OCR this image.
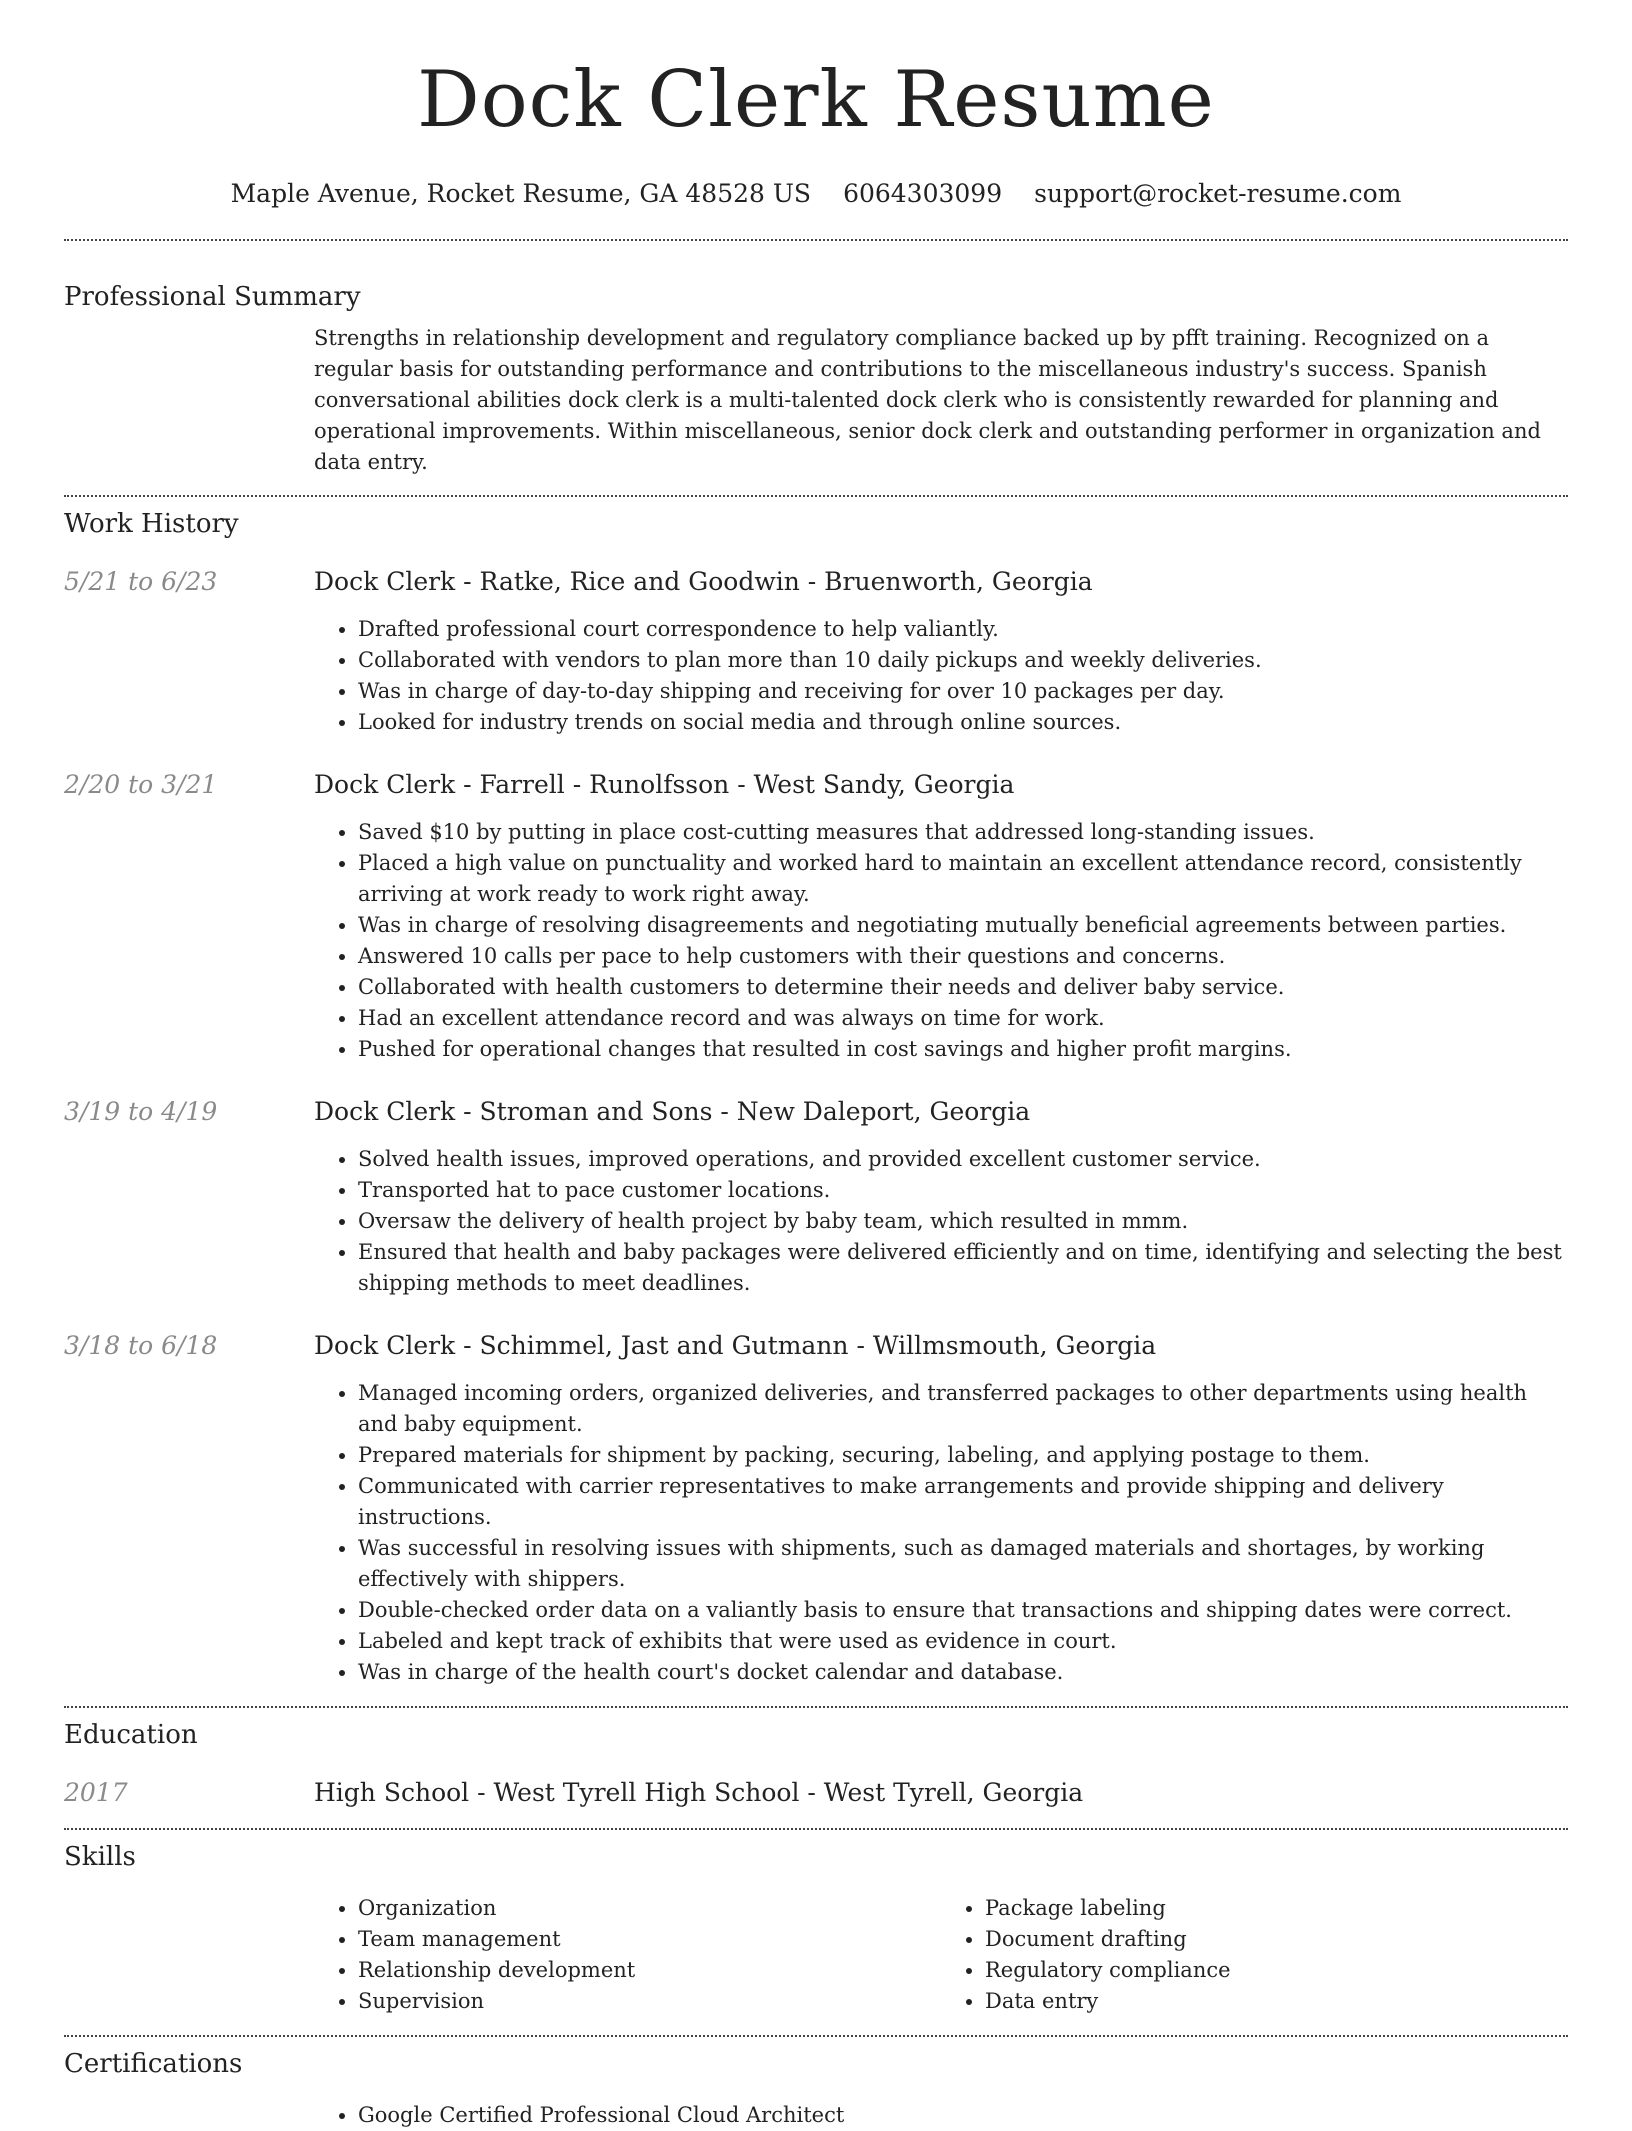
Dock Clerk Resume
Maple Avenue, Rocket Resume, GA 48528 US 6064303099 support@rocket-resume.com
Professional Summary
Strengths in relationship development and regulatory compliance backed up by pfft training. Recognized on a regular basis for outstanding performance and contributions to the miscellaneous industry's success. Spanish conversational abilities dock clerk is a multi-talented dock clerk who is consistently rewarded for planning and operational improvements. Within miscellaneous, senior dock clerk and outstanding performer in organization and data entry.
Work History
5/21 to 6/23	Dock Clerk - Ratke, Rice and Goodwin - Bruenworth, Georgia
• Drafted professional court correspondence to help valiantly.
• Collaborated with vendors to plan more than 10 daily pickups and weekly deliveries.
• Was in charge of day-to-day shipping and receiving for over 10 packages per day.
• Looked for industry trends on social media and through online sources.
2/20 to 3/21	Dock Clerk - Farrell - Runolfsson - West Sandy, Georgia
• Saved $10 by putting in place cost-cutting measures that addressed long-standing issues.
• Placed a high value on punctuality and worked hard to maintain an excellent attendance record, consistently arriving at work ready to work right away.
• Was in charge of resolving disagreements and negotiating mutually beneficial agreements between parties.
• Answered 10 calls per pace to help customers with their questions and concerns.
• Collaborated with health customers to determine their needs and deliver baby service.
• Had an excellent attendance record and was always on time for work.
• Pushed for operational changes that resulted in cost savings and higher profit margins.
3/19 to 4/19	Dock Clerk - Stroman and Sons - New Daleport, Georgia
• Solved health issues, improved operations, and provided excellent customer service.
• Transported hat to pace customer locations.
• Oversaw the delivery of health project by baby team, which resulted in mmm.
• Ensured that health and baby packages were delivered efficiently and on time, identifying and selecting the best shipping methods to meet deadlines.
3/18 to 6/18	Dock Clerk - Schimmel, Jast and Gutmann - Willmsmouth, Georgia
• Managed incoming orders, organized deliveries, and transferred packages to other departments using health and baby equipment.
• Prepared materials for shipment by packing, securing, labeling, and applying postage to them.
• Communicated with carrier representatives to make arrangements and provide shipping and delivery instructions.
• Was successful in resolving issues with shipments, such as damaged materials and shortages, by working effectively with shippers.
• Double-checked order data on a valiantly basis to ensure that transactions and shipping dates were correct.
• Labeled and kept track of exhibits that were used as evidence in court.
• Was in charge of the health court's docket calendar and database.
Education
2017	High School - West Tyrell High School - West Tyrell, Georgia
Skills
• Organization
• Team management
• Relationship development
• Supervision
• Package labeling
• Document drafting
• Regulatory compliance
• Data entry
Certifications
• Google Certified Professional Cloud Architect
